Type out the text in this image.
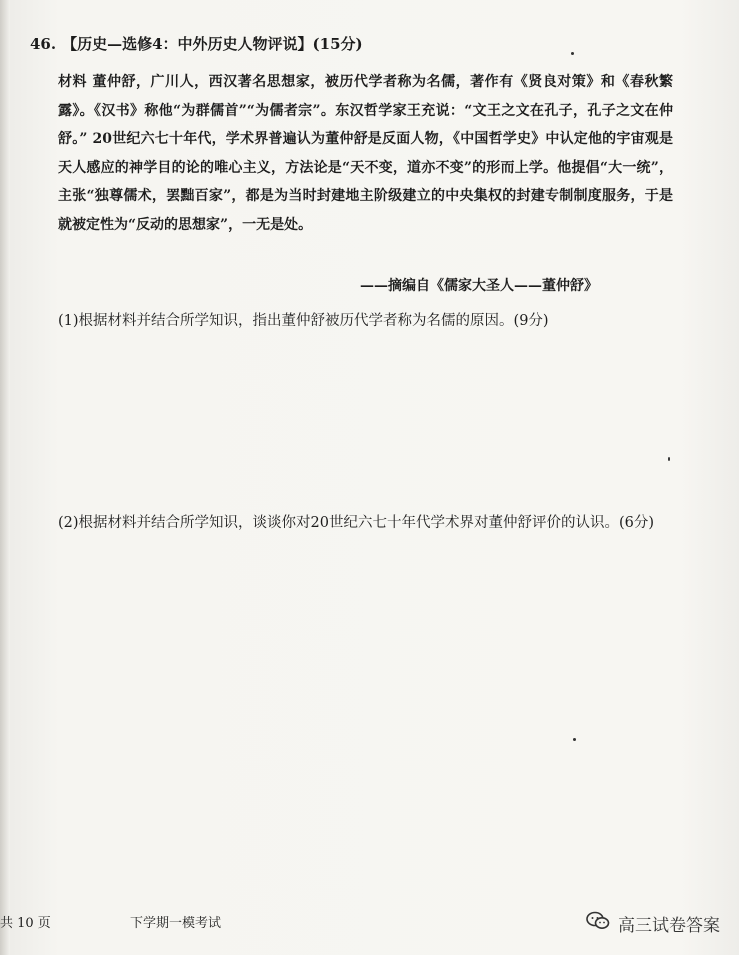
46. 【历史—选修4：中外历史人物评说】(15分)
材料 董仲舒，广川人，西汉著名思想家，被历代学者称为名儒，著作有《贤良对策》和《春秋繁露》。《汉书》称他“为群儒首”“为儒者宗”。东汉哲学家王充说：“文王之文在孔子，孔子之文在仲舒。” 20世纪六七十年代，学术界普遍认为董仲舒是反面人物，《中国哲学史》中认定他的宇宙观是天人感应的神学目的论的唯心主义，方法论是“天不变，道亦不变”的形而上学。他提倡“大一统”，主张“独尊儒术，罢黜百家”，都是为当时封建地主阶级建立的中央集权的封建专制制度服务，于是就被定性为“反动的思想家”，一无是处。
——摘编自《儒家大圣人——董仲舒》
(1)根据材料并结合所学知识，指出董仲舒被历代学者称为名儒的原因。(9分)
(2)根据材料并结合所学知识，谈谈你对20世纪六七十年代学术界对董仲舒评价的认识。(6分)
共 10 页	下学期一模考试	高三试卷答案
